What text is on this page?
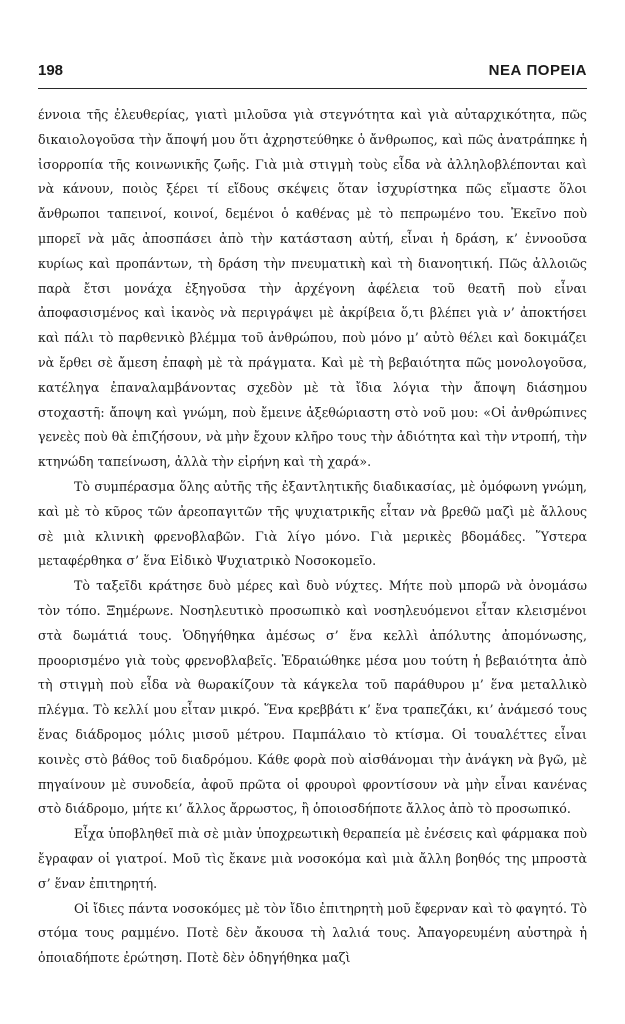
198	ΝΕΑ ΠΟΡΕΙΑ

έννοια τῆς ἐλευθερίας, γιατὶ μιλοῦσα γιὰ στεγνότητα καὶ γιὰ αὐταρχικότητα, πῶς δικαιολογοῦσα τὴν ἄποψή μου ὅτι ἀχρηστεύθηκε ὁ ἄνθρωπος, καὶ πῶς ἀνατράπηκε ἡ ἰσορροπία τῆς κοινωνικῆς ζωῆς. Γιὰ μιὰ στιγμὴ τοὺς εἶδα νὰ ἀλληλοβλέπονται καὶ νὰ κάνουν, ποιὸς ξέρει τί εἴδους σκέψεις ὅταν ἰσχυρίστηκα πῶς εἴμαστε ὅλοι ἄνθρωποι ταπεινοί, κοινοί, δεμένοι ὁ καθένας μὲ τὸ πεπρωμένο του. Ἐκεῖνο ποὺ μπορεῖ νὰ μᾶς ἀποσπάσει ἀπὸ τὴν κατάσταση αὐτή, εἶναι ἡ δράση, κ’ ἐννοοῦσα κυρίως καὶ προπάντων, τὴ δράση τὴν πνευματικὴ καὶ τὴ διανοητική. Πῶς ἀλλοιῶς παρὰ ἔτσι μονάχα ἐξηγοῦσα τὴν ἀρχέγονη ἀφέλεια τοῦ θεατῆ ποὺ εἶναι ἀποφασισμένος καὶ ἱκανὸς νὰ περιγράψει μὲ ἀκρίβεια ὅ,τι βλέπει γιὰ ν’ ἀποκτήσει καὶ πάλι τὸ παρθενικὸ βλέμμα τοῦ ἀνθρώπου, ποὺ μόνο μ’ αὐτὸ θέλει καὶ δοκιμάζει νὰ ἔρθει σὲ ἄμεση ἐπαφὴ μὲ τὰ πράγματα. Καὶ μὲ τὴ βεβαιότητα πῶς μονολογοῦσα, κατέληγα ἐπαναλαμβάνοντας σχεδὸν μὲ τὰ ἴδια λόγια τὴν ἄποψη διάσημου στοχαστῆ: ἄποψη καὶ γνώμη, ποὺ ἔμεινε ἀξεθώριαστη στὸ νοῦ μου: «Οἱ ἀνθρώπινες γενεὲς ποὺ θὰ ἐπιζήσουν, νὰ μὴν ἔχουν κλῆρο τους τὴν ἀδιότητα καὶ τὴν ντροπή, τὴν κτηνώδη ταπείνωση, ἀλλὰ τὴν εἰρήνη καὶ τὴ χαρά».

Τὸ συμπέρασμα ὅλης αὐτῆς τῆς ἐξαντλητικῆς διαδικασίας, μὲ ὁμόφωνη γνώμη, καὶ μὲ τὸ κῦρος τῶν ἀρεοπαγιτῶν τῆς ψυχιατρικῆς εἶταν νὰ βρεθῶ μαζὶ μὲ ἄλλους σὲ μιὰ κλινικὴ φρενοβλαβῶν. Γιὰ λίγο μόνο. Γιὰ μερικὲς βδομάδες. Ὕστερα μεταφέρθηκα σ’ ἕνα Εἰδικὸ Ψυχιατρικὸ Νοσοκομεῖο.

Τὸ ταξεῖδι κράτησε δυὸ μέρες καὶ δυὸ νύχτες. Μήτε ποὺ μπορῶ νὰ ὀνομάσω τὸν τόπο. Ξημέρωνε. Νοσηλευτικὸ προσωπικὸ καὶ νοσηλευόμενοι εἶταν κλεισμένοι στὰ δωμάτιά τους. Ὁδηγήθηκα ἀμέσως σ’ ἕνα κελλὶ ἀπόλυτης ἀπομόνωσης, προορισμένο γιὰ τοὺς φρενοβλαβεῖς. Ἑδραιώθηκε μέσα μου τούτη ἡ βεβαιότητα ἀπὸ τὴ στιγμὴ ποὺ εἶδα νὰ θωρακίζουν τὰ κάγκελα τοῦ παράθυρου μ’ ἕνα μεταλλικὸ πλέγμα. Τὸ κελλί μου εἶταν μικρό. Ἕνα κρεββάτι κ’ ἕνα τραπεζάκι, κι’ ἀνάμεσό τους ἕνας διάδρομος μόλις μισοῦ μέτρου. Παμπάλαιο τὸ κτίσμα. Οἱ τουαλέττες εἶναι κοινὲς στὸ βάθος τοῦ διαδρόμου. Κάθε φορὰ ποὺ αἰσθάνομαι τὴν ἀνάγκη νὰ βγῶ, μὲ πηγαίνουν μὲ συνοδεία, ἀφοῦ πρῶτα οἱ φρουροὶ φροντίσουν νὰ μὴν εἶναι κανένας στὸ διάδρομο, μήτε κι’ ἄλλος ἄρρωστος, ἢ ὁποιοσδήποτε ἄλλος ἀπὸ τὸ προσωπικό.

Εἶχα ὑποβληθεῖ πιὰ σὲ μιὰν ὑποχρεωτικὴ θεραπεία μὲ ἐνέσεις καὶ φάρμακα ποὺ ἔγραφαν οἱ γιατροί. Μοῦ τὶς ἔκανε μιὰ νοσοκόμα καὶ μιὰ ἄλλη βοηθός της μπροστὰ σ’ ἕναν ἐπιτηρητή.

Οἱ ἴδιες πάντα νοσοκόμες μὲ τὸν ἴδιο ἐπιτηρητὴ μοῦ ἔφερναν καὶ τὸ φαγητό. Τὸ στόμα τους ραμμένο. Ποτὲ δὲν ἄκουσα τὴ λαλιά τους. Ἀπαγορευμένη αὐστηρὰ ἡ ὁποιαδήποτε ἐρώτηση. Ποτὲ δὲν ὁδηγήθηκα μαζὶ
